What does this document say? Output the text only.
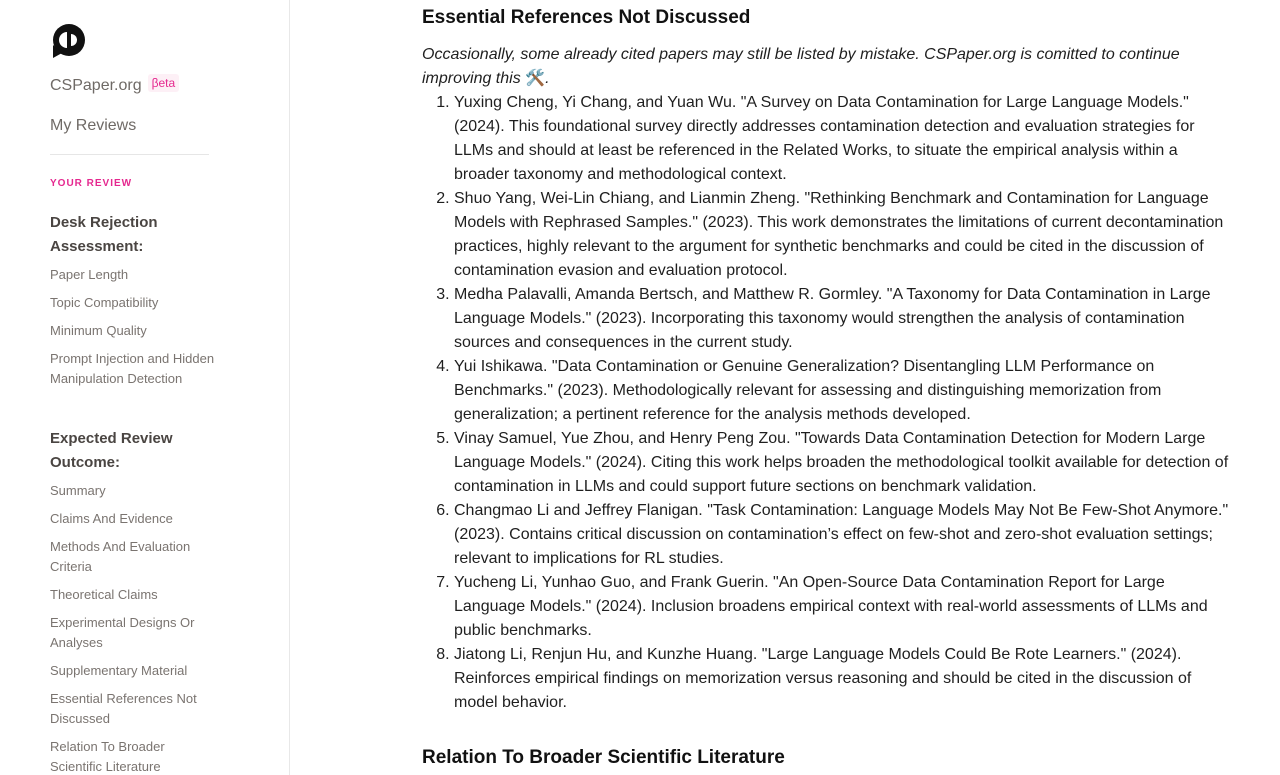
CSPaper.org βeta
My Reviews
YOUR REVIEW
Desk Rejection Assessment:
Paper Length
Topic Compatibility
Minimum Quality
Prompt Injection and Hidden Manipulation Detection
Expected Review Outcome:
Summary
Claims And Evidence
Methods And Evaluation Criteria
Theoretical Claims
Experimental Designs Or Analyses
Supplementary Material
Essential References Not Discussed
Relation To Broader Scientific Literature
Essential References Not Discussed

Occasionally, some already cited papers may still be listed by mistake. CSPaper.org is comitted to continue improving this 🛠️.

1. Yuxing Cheng, Yi Chang, and Yuan Wu. "A Survey on Data Contamination for Large Language Models." (2024). This foundational survey directly addresses contamination detection and evaluation strategies for LLMs and should at least be referenced in the Related Works, to situate the empirical analysis within a broader taxonomy and methodological context.
2. Shuo Yang, Wei-Lin Chiang, and Lianmin Zheng. "Rethinking Benchmark and Contamination for Language Models with Rephrased Samples." (2023). This work demonstrates the limitations of current decontamination practices, highly relevant to the argument for synthetic benchmarks and could be cited in the discussion of contamination evasion and evaluation protocol.
3. Medha Palavalli, Amanda Bertsch, and Matthew R. Gormley. "A Taxonomy for Data Contamination in Large Language Models." (2023). Incorporating this taxonomy would strengthen the analysis of contamination sources and consequences in the current study.
4. Yui Ishikawa. "Data Contamination or Genuine Generalization? Disentangling LLM Performance on Benchmarks." (2023). Methodologically relevant for assessing and distinguishing memorization from generalization; a pertinent reference for the analysis methods developed.
5. Vinay Samuel, Yue Zhou, and Henry Peng Zou. "Towards Data Contamination Detection for Modern Large Language Models." (2024). Citing this work helps broaden the methodological toolkit available for detection of contamination in LLMs and could support future sections on benchmark validation.
6. Changmao Li and Jeffrey Flanigan. "Task Contamination: Language Models May Not Be Few-Shot Anymore." (2023). Contains critical discussion on contamination’s effect on few-shot and zero-shot evaluation settings; relevant to implications for RL studies.
7. Yucheng Li, Yunhao Guo, and Frank Guerin. "An Open-Source Data Contamination Report for Large Language Models." (2024). Inclusion broadens empirical context with real-world assessments of LLMs and public benchmarks.
8. Jiatong Li, Renjun Hu, and Kunzhe Huang. "Large Language Models Could Be Rote Learners." (2024). Reinforces empirical findings on memorization versus reasoning and should be cited in the discussion of model behavior.
Relation To Broader Scientific Literature
